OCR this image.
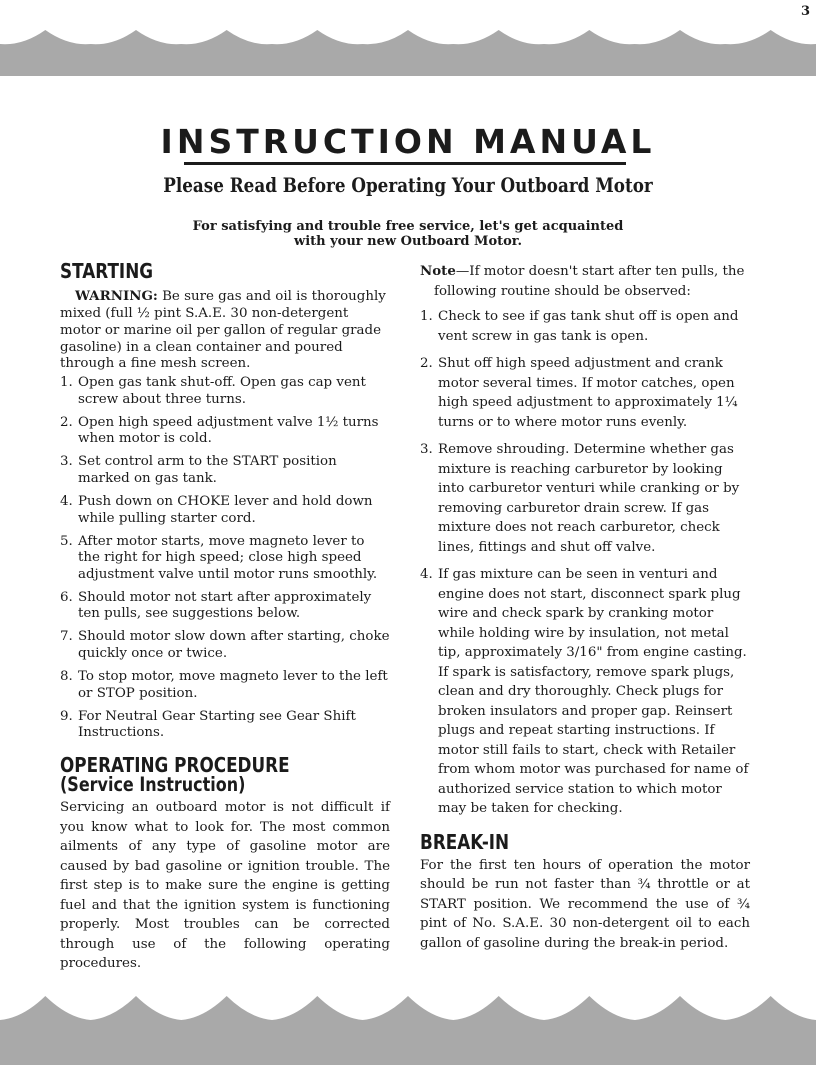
3
INSTRUCTION MANUAL
Please Read Before Operating Your Outboard Motor
For satisfying and trouble free service, let's get acquainted
with your new Outboard Motor.
STARTING
WARNING: Be sure gas and oil is thoroughly mixed (full ½ pint S.A.E. 30 non-detergent motor or marine oil per gallon of regular grade gasoline) in a clean container and poured through a fine mesh screen.
1. Open gas tank shut-off. Open gas cap vent screw about three turns.
2. Open high speed adjustment valve 1½ turns when motor is cold.
3. Set control arm to the START position marked on gas tank.
4. Push down on CHOKE lever and hold down while pulling starter cord.
5. After motor starts, move magneto lever to the right for high speed; close high speed adjustment valve until motor runs smoothly.
6. Should motor not start after approximately ten pulls, see suggestions below.
7. Should motor slow down after starting, choke quickly once or twice.
8. To stop motor, move magneto lever to the left or STOP position.
9. For Neutral Gear Starting see Gear Shift Instructions.
OPERATING PROCEDURE
(Service Instruction)

Servicing an outboard motor is not difficult if you know what to look for. The most common ailments of any type of gasoline motor are caused by bad gasoline or ignition trouble. The first step is to make sure the engine is getting fuel and that the ignition system is functioning properly. Most troubles can be corrected through use of the following operating procedures.

Note—If motor doesn't start after ten pulls, the following routine should be observed:
1. Check to see if gas tank shut off is open and vent screw in gas tank is open.
2. Shut off high speed adjustment and crank motor several times. If motor catches, open high speed adjustment to approximately 1¼ turns or to where motor runs evenly.
3. Remove shrouding. Determine whether gas mixture is reaching carburetor by looking into carburetor venturi while cranking or by removing carburetor drain screw. If gas mixture does not reach carburetor, check lines, fittings and shut off valve.
4. If gas mixture can be seen in venturi and engine does not start, disconnect spark plug wire and check spark by cranking motor while holding wire by insulation, not metal tip, approximately 3/16" from engine casting. If spark is satisfactory, remove spark plugs, clean and dry thoroughly. Check plugs for broken insulators and proper gap. Reinsert plugs and repeat starting instructions. If motor still fails to start, check with Retailer from whom motor was purchased for name of authorized service station to which motor may be taken for checking.
BREAK-IN

For the first ten hours of operation the motor should be run not faster than ¾ throttle or at START position. We recommend the use of ¾ pint of No. S.A.E. 30 non-detergent oil to each gallon of gasoline during the break-in period.
